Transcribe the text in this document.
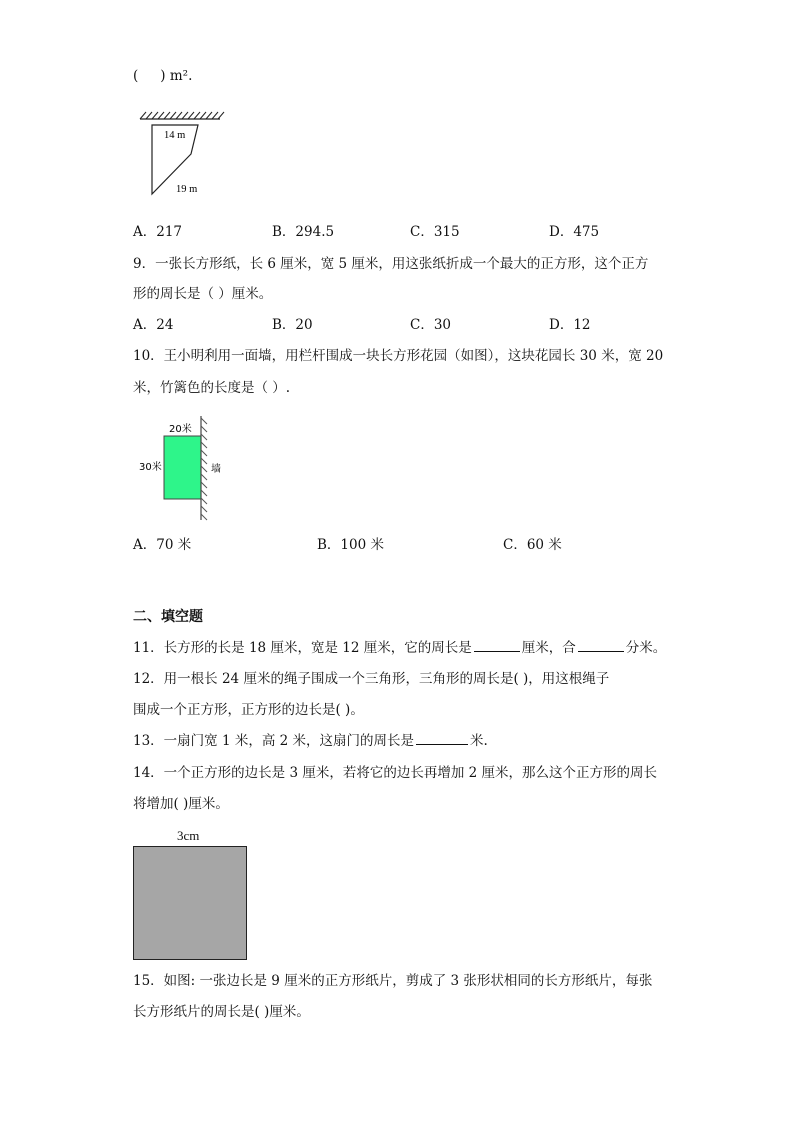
( ) m².
14 m
19 m
A．217	B．294.5	C．315	D．475
9．一张长方形纸，长 6 厘米，宽 5 厘米，用这张纸折成一个最大的正方形，这个正方
形的周长是（ ）厘米。
A．24	B．20	C．30	D．12
10．王小明利用一面墙，用栏杆围成一块长方形花园（如图），这块花园长 30 米，宽 20
米，竹篱色的长度是（ ）.
20米
30米	墙
A．70 米	B．100 米	C．60 米
二、填空题
11．长方形的长是 18 厘米，宽是 12 厘米，它的周长是	厘米，合	分米。
12．用一根长 24 厘米的绳子围成一个三角形，三角形的周长是( )，用这根绳子
围成一个正方形，正方形的边长是( )。
13．一扇门宽 1 米，高 2 米，这扇门的周长是	米.
14．一个正方形的边长是 3 厘米，若将它的边长再增加 2 厘米，那么这个正方形的周长
将增加( )厘米。
3cm
15．如图: 一张边长是 9 厘米的正方形纸片，剪成了 3 张形状相同的长方形纸片，每张
长方形纸片的周长是( )厘米。
